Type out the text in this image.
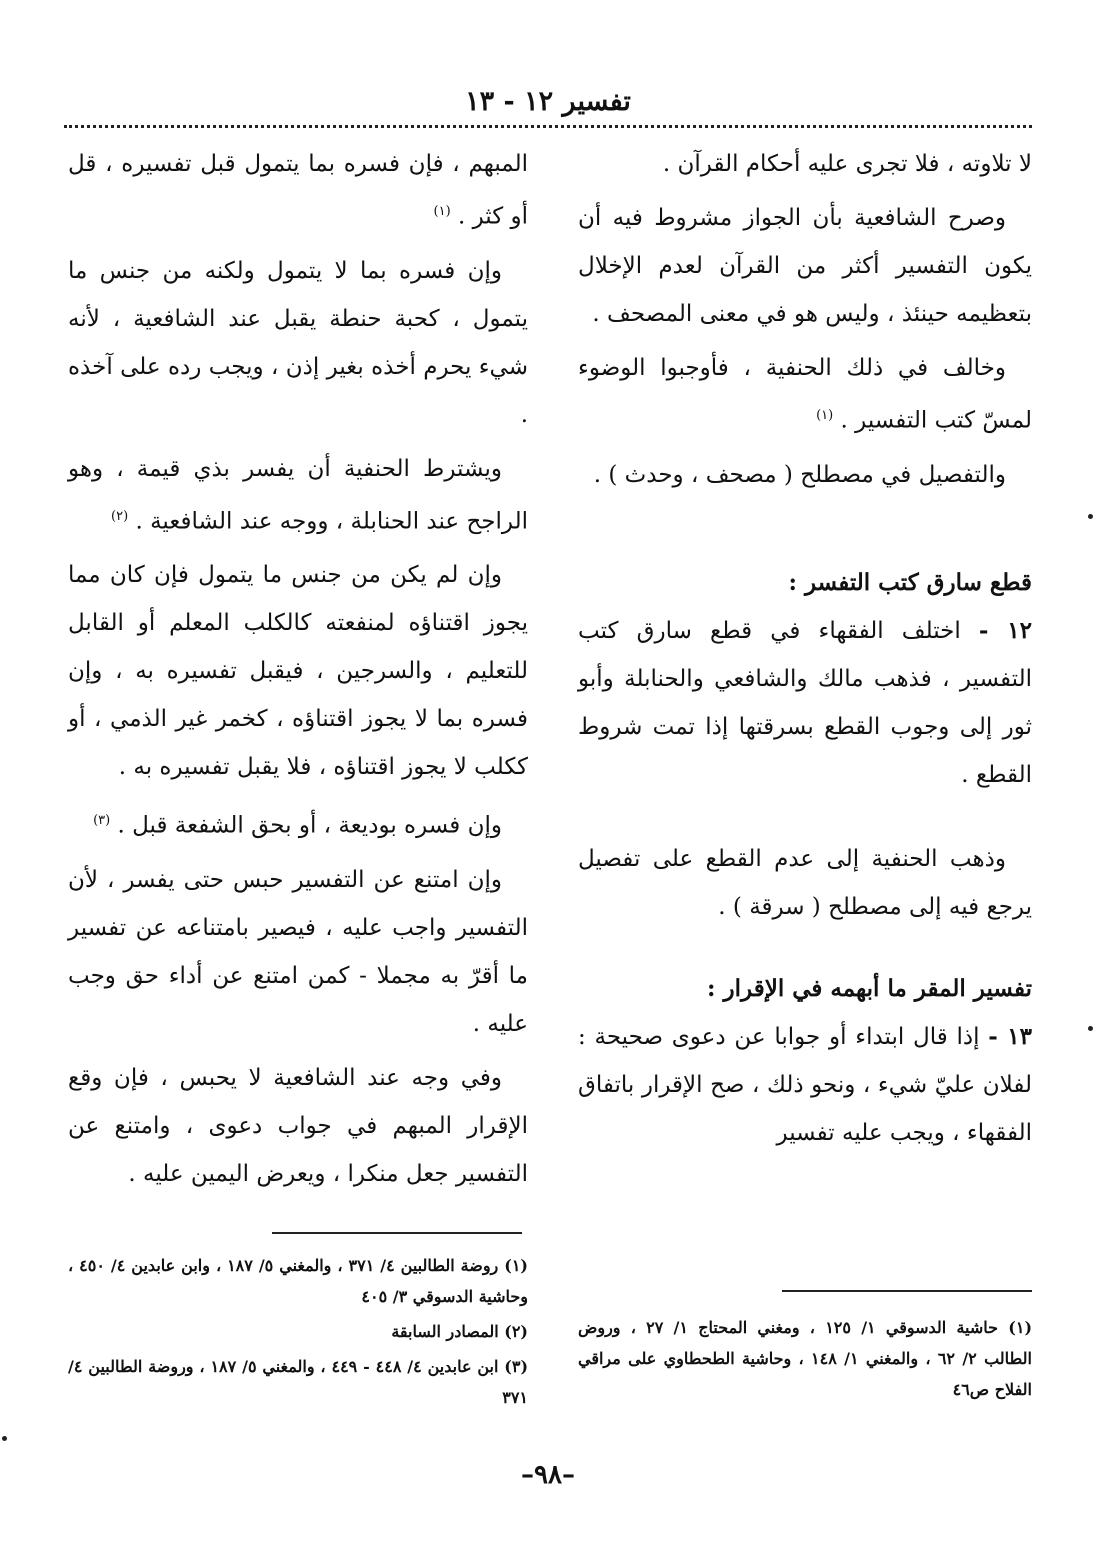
تفسير ١٢ - ١٣

لا تلاوته ، فلا تجرى عليه أحكام القرآن .

وصرح الشافعية بأن الجواز مشروط فيه أن يكون التفسير أكثر من القرآن لعدم الإخلال بتعظيمه حينئذ ، وليس هو في معنى المصحف .

وخالف في ذلك الحنفية ، فأوجبوا الوضوء لمسّ كتب التفسير . $^{(١)}$

والتفصيل في مصطلح ( مصحف ، وحدث ) .

قطع سارق كتب التفسر :

١٢ - اختلف الفقهاء في قطع سارق كتب التفسير ، فذهب مالك والشافعي والحنابلة وأبو ثور إلى وجوب القطع بسرقتها إذا تمت شروط القطع .

وذهب الحنفية إلى عدم القطع على تفصيل يرجع فيه إلى مصطلح ( سرقة ) .

تفسير المقر ما أبهمه في الإقرار :

١٣ - إذا قال ابتداء أو جوابا عن دعوى صحيحة : لفلان عليّ شيء ، ونحو ذلك ، صح الإقرار باتفاق الفقهاء ، ويجب عليه تفسير

المبهم ، فإن فسره بما يتمول قبل تفسيره ، قل أو كثر . $^{(١)}$

وإن فسره بما لا يتمول ولكنه من جنس ما يتمول ، كحبة حنطة يقبل عند الشافعية ، لأنه شيء يحرم أخذه بغير إذن ، ويجب رده على آخذه .

ويشترط الحنفية أن يفسر بذي قيمة ، وهو الراجح عند الحنابلة ، ووجه عند الشافعية . $^{(٢)}$

وإن لم يكن من جنس ما يتمول فإن كان مما يجوز اقتناؤه لمنفعته كالكلب المعلم أو القابل للتعليم ، والسرجين ، فيقبل تفسيره به ، وإن فسره بما لا يجوز اقتناؤه ، كخمر غير الذمي ، أو ككلب لا يجوز اقتناؤه ، فلا يقبل تفسيره به .

وإن فسره بوديعة ، أو بحق الشفعة قبل . $^{(٣)}$

وإن امتنع عن التفسير حبس حتى يفسر ، لأن التفسير واجب عليه ، فيصير بامتناعه عن تفسير ما أقرّ به مجملا - كمن امتنع عن أداء حق وجب عليه .

وفي وجه عند الشافعية لا يحبس ، فإن وقع الإقرار المبهم في جواب دعوى ، وامتنع عن التفسير جعل منكرا ، ويعرض اليمين عليه .

(١) روضة الطالبين ٤/ ٣٧١ ، والمغني ٥/ ١٨٧ ، وابن عابدين ٤/ ٤٥٠ ، وحاشية الدسوقي ٣/ ٤٠٥

(٢) المصادر السابقة

(٣) ابن عابدين ٤/ ٤٤٨ - ٤٤٩ ، والمغني ٥/ ١٨٧ ، وروضة الطالبين ٤/ ٣٧١

(١) حاشية الدسوقي ١/ ١٢٥ ، ومغني المحتاج ١/ ٢٧ ، وروض الطالب ٢/ ٦٢ ، والمغني ١/ ١٤٨ ، وحاشية الطحطاوي على مراقي الفلاح ص٤٦

–٩٨–
